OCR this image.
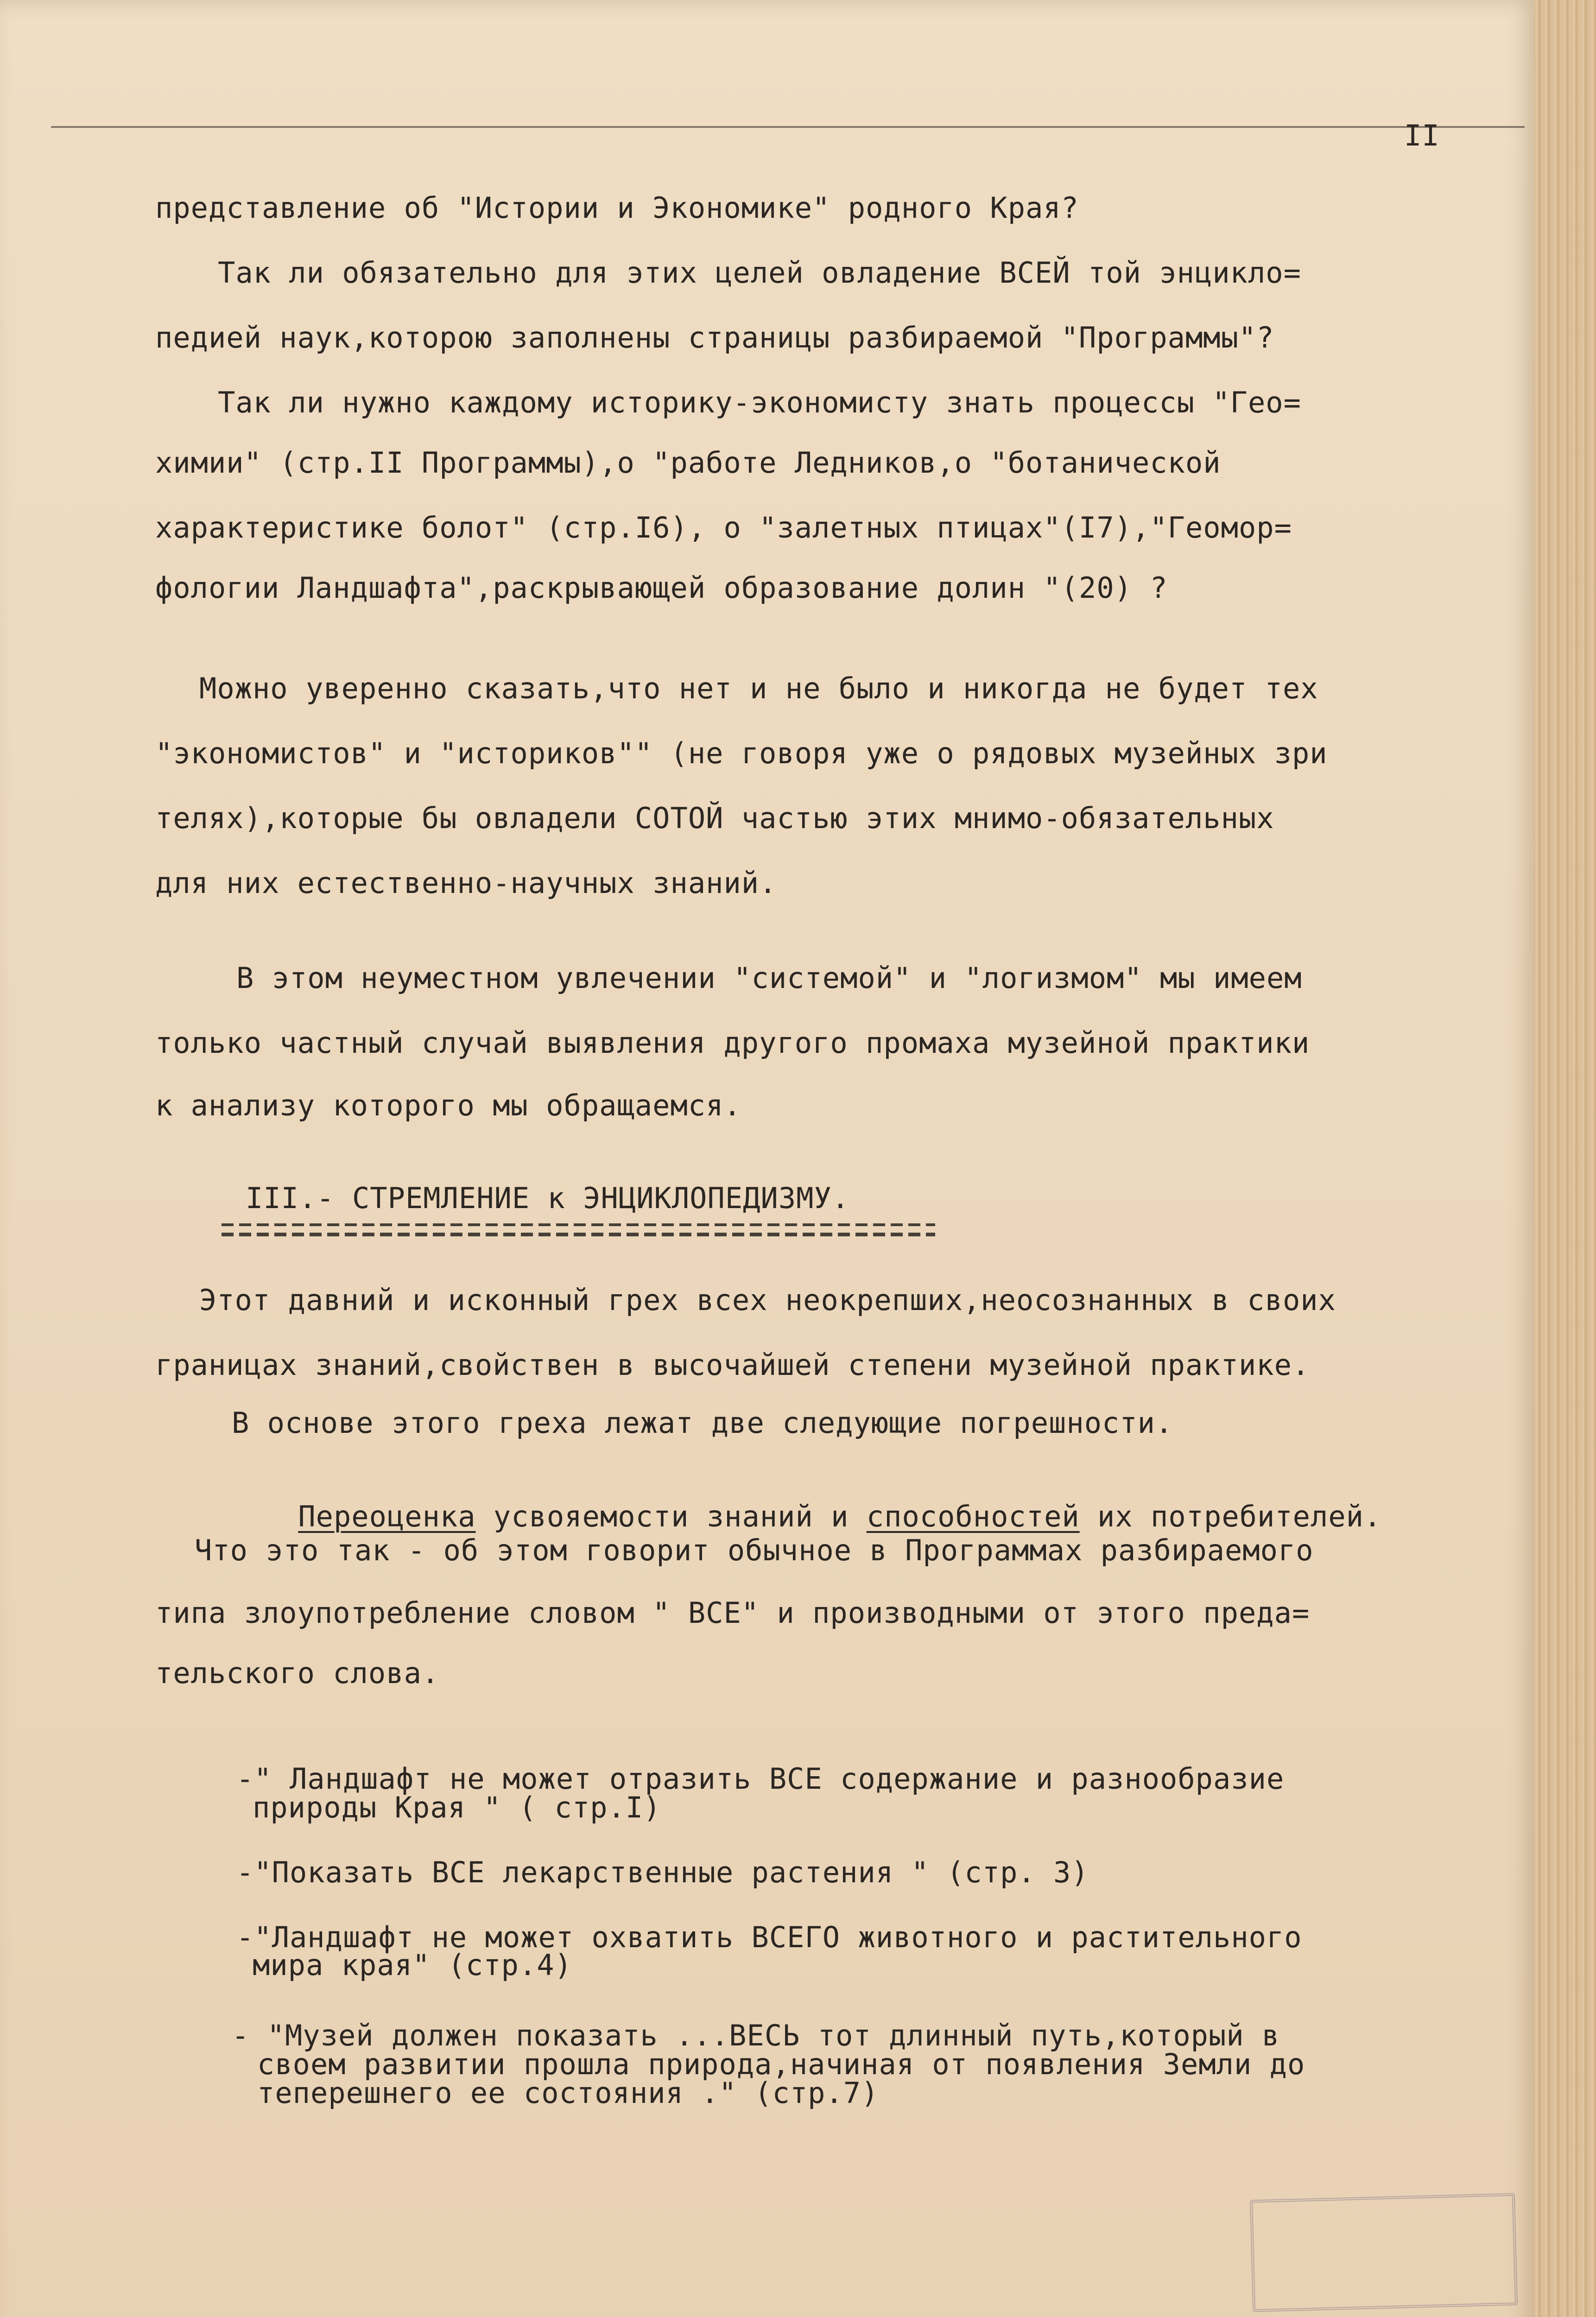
II
представление об "Истории и Экономике" родного Края?
Так ли обязательно для этих целей овладение ВСЕЙ той энцикло=
педией наук,которою заполнены страницы разбираемой "Программы"?
Так ли нужно каждому историку-экономисту знать процессы "Гео=
химии" (стр.II Программы),о "работе Ледников,о "ботанической
характеристике болот" (стр.I6), о "залетных птицах"(I7),"Геомор=
фологии Ландшафта",раскрывающей образование долин "(20) ?
Можно уверенно сказать,что нет и не было и никогда не будет тех
"экономистов" и "историков"" (не говоря уже о рядовых музейных зри
телях),которые бы овладели СОТОЙ частью этих мнимо-обязательных
для них естественно-научных знаний.
В этом неуместном увлечении "системой" и "логизмом" мы имеем
только частный случай выявления другого промаха музейной практики
к анализу которого мы обращаемся.
III.- СТРЕМЛЕНИЕ к ЭНЦИКЛОПЕДИЗМУ.
Этот давний и исконный грех всех неокрепших,неосознанных в своих
границах знаний,свойствен в высочайшей степени музейной практике.
В основе этого греха лежат две следующие погрешности.

Переоценка усвояемости знаний и способностей их потребителей.

Что это так - об этом говорит обычное в Программах разбираемого
типа злоупотребление словом " ВСЕ" и производными от этого преда=
тельского слова.
-" Ландшафт не может отразить ВСЕ содержание и разнообразие
природы Края " ( стр.I)
-"Показать ВСЕ лекарственные растения " (стр. 3)
-"Ландшафт не может охватить ВСЕГО животного и растительного
мира края" (стр.4)
- "Музей должен показать ...ВЕСЬ тот длинный путь,который в
своем развитии прошла природа,начиная от появления Земли до
теперешнего ее состояния ." (стр.7)
